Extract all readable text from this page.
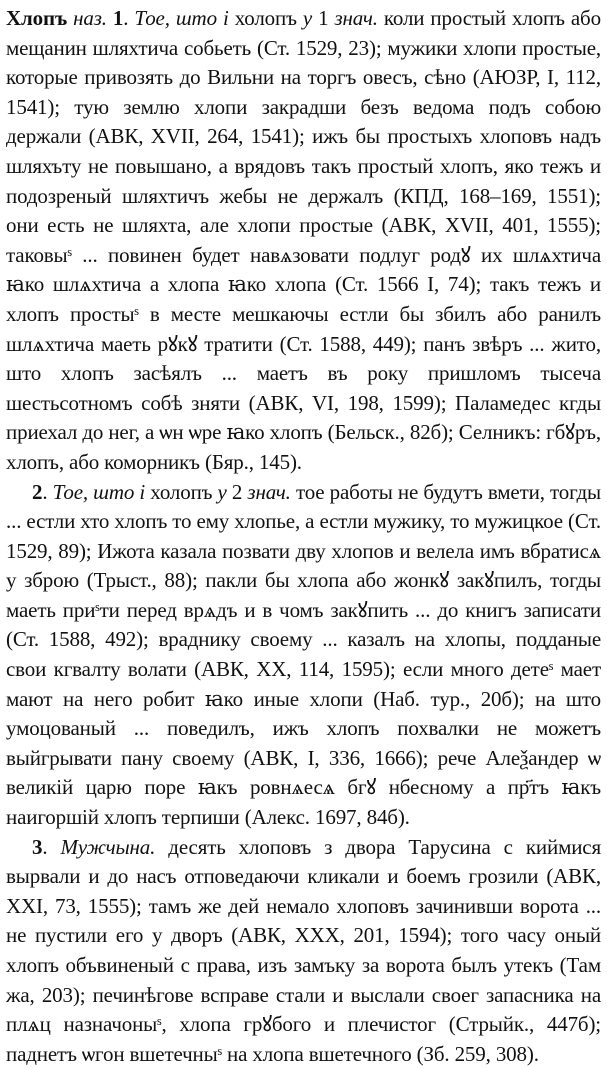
Хлопъ наз. 1. Тое, што і холопъ у 1 знач. коли простый хлопъ або мещанин шляхтича собьеть (Ст. 1529, 23); мужики хлопи простые, которые привозять до Вильни на торгъ овесъ, сѣно (АЮЗР, І, 112, 1541); тую землю хлопи закрадши безъ ведома подъ собою держали (АВК, XVII, 264, 1541); ижъ бы простыхъ хлоповъ надъ шляхъту не повышано, а врядовъ такъ простый хлопъ, яко тежъ и подозреный шляхтичъ жебы не держалъ (КПД, 168–169, 1551); они есть не шляхта, але хлопи простые (АВК, XVII, 401, 1555); таковыˢ ... повинен будет навѧзовати подлуг родꙋ их шлѧхтича ꙗко шлѧхтича а хлопа ꙗко хлопа (Ст. 1566 І, 74); такъ тежъ и хлопъ простыˢ в месте мешкаючы естли бы збилъ або ранилъ шлѧхтича маеть рꙋкꙋ тратити (Ст. 1588, 449); панъ звѣръ ... жито, што хлопъ засѣялъ ... маетъ въ року пришломъ тысеча шестьсотномъ собѣ зняти (АВК, VI, 198, 1599); Паламедес кгды приехал до нег, а ѡн ѡре ꙗко хлопъ (Бельск., 82б); Селникъ: гбꙋръ, хлопъ, або коморникъ (Бяр., 145).

2. Тое, што і холопъ у 2 знач. тое работы не будутъ вмети, тогды ... естли хто хлопъ то ему хлопье, а естли мужику, то мужицкое (Ст. 1529, 89); Ижота казала позвати дву хлопов и велела имъ вбратисѧ у зброю (Трыст., 88); пакли бы хлопа або жонкꙋ закꙋпилъ, тогды маеть приˢти перед врѧдъ и в чомъ закꙋпить ... до книгъ записати (Ст. 1588, 492); враднику своему ... казалъ на хлопы, подданые свои кгвалту волати (АВК, XX, 114, 1595); если много детеˢ мает мают на него робит ꙗко иные хлопи (Наб. тур., 20б); на што умоцованый ... поведилъ, ижъ хлопъ похвалки не можетъ выйгрывати пану своему (АВК, І, 336, 1666); рече Алеѯандер ѡ великій царю поре ꙗкъ ровнѧесѧ бгꙋ нбесному а пр҃тъ ꙗкъ наигоршій хлопъ терпиши (Алекс. 1697, 84б).

3. Мужчына. десять хлоповъ з двора Тарусина с киймися вырвали и до насъ отповедаючи кликали и боемъ грозили (АВК, XXI, 73, 1555); тамъ же дей немало хлоповъ зачинивши ворота ... не пустили его у дворъ (АВК, XXX, 201, 1594); того часу оный хлопъ объвиненый с права, изъ замъку за ворота былъ утекъ (Там жа, 203); печинѣгове всправе стали и выслали своег запасника на плѧц назначоныˢ, хлопа грꙋбого и плечистог (Стрыйк., 447б); паднетъ ѡгон вшетечныˢ на хлопа вшетечного (Зб. 259, 308).
